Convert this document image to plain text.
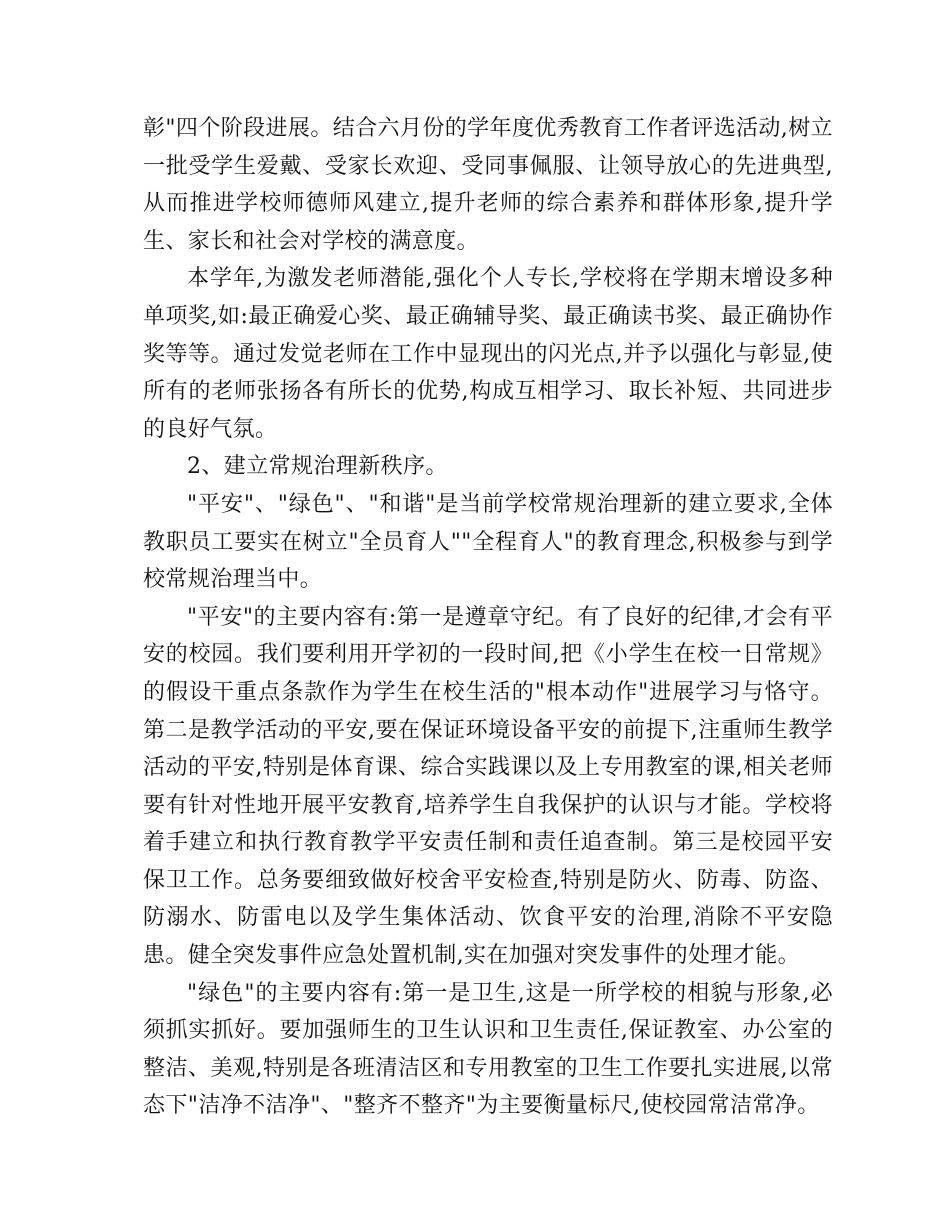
彰"四个阶段进展。结合六月份的学年度优秀教育工作者评选活动,树立一批受学生爱戴、受家长欢迎、受同事佩服、让领导放心的先进典型,从而推进学校师德师风建立,提升老师的综合素养和群体形象,提升学生、家长和社会对学校的满意度。

本学年,为激发老师潜能,强化个人专长,学校将在学期末增设多种单项奖,如:最正确爱心奖、最正确辅导奖、最正确读书奖、最正确协作奖等等。通过发觉老师在工作中显现出的闪光点,并予以强化与彰显,使所有的老师张扬各有所长的优势,构成互相学习、取长补短、共同进步的良好气氛。

2、建立常规治理新秩序。

"平安"、"绿色"、"和谐"是当前学校常规治理新的建立要求,全体教职员工要实在树立"全员育人""全程育人"的教育理念,积极参与到学校常规治理当中。

"平安"的主要内容有:第一是遵章守纪。有了良好的纪律,才会有平安的校园。我们要利用开学初的一段时间,把《小学生在校一日常规》的假设干重点条款作为学生在校生活的"根本动作"进展学习与恪守。第二是教学活动的平安,要在保证环境设备平安的前提下,注重师生教学活动的平安,特别是体育课、综合实践课以及上专用教室的课,相关老师要有针对性地开展平安教育,培养学生自我保护的认识与才能。学校将着手建立和执行教育教学平安责任制和责任追查制。第三是校园平安保卫工作。总务要细致做好校舍平安检查,特别是防火、防毒、防盗、防溺水、防雷电以及学生集体活动、饮食平安的治理,消除不平安隐患。健全突发事件应急处置机制,实在加强对突发事件的处理才能。

"绿色"的主要内容有:第一是卫生,这是一所学校的相貌与形象,必须抓实抓好。要加强师生的卫生认识和卫生责任,保证教室、办公室的整洁、美观,特别是各班清洁区和专用教室的卫生工作要扎实进展,以常态下"洁净不洁净"、"整齐不整齐"为主要衡量标尺,使校园常洁常净。
